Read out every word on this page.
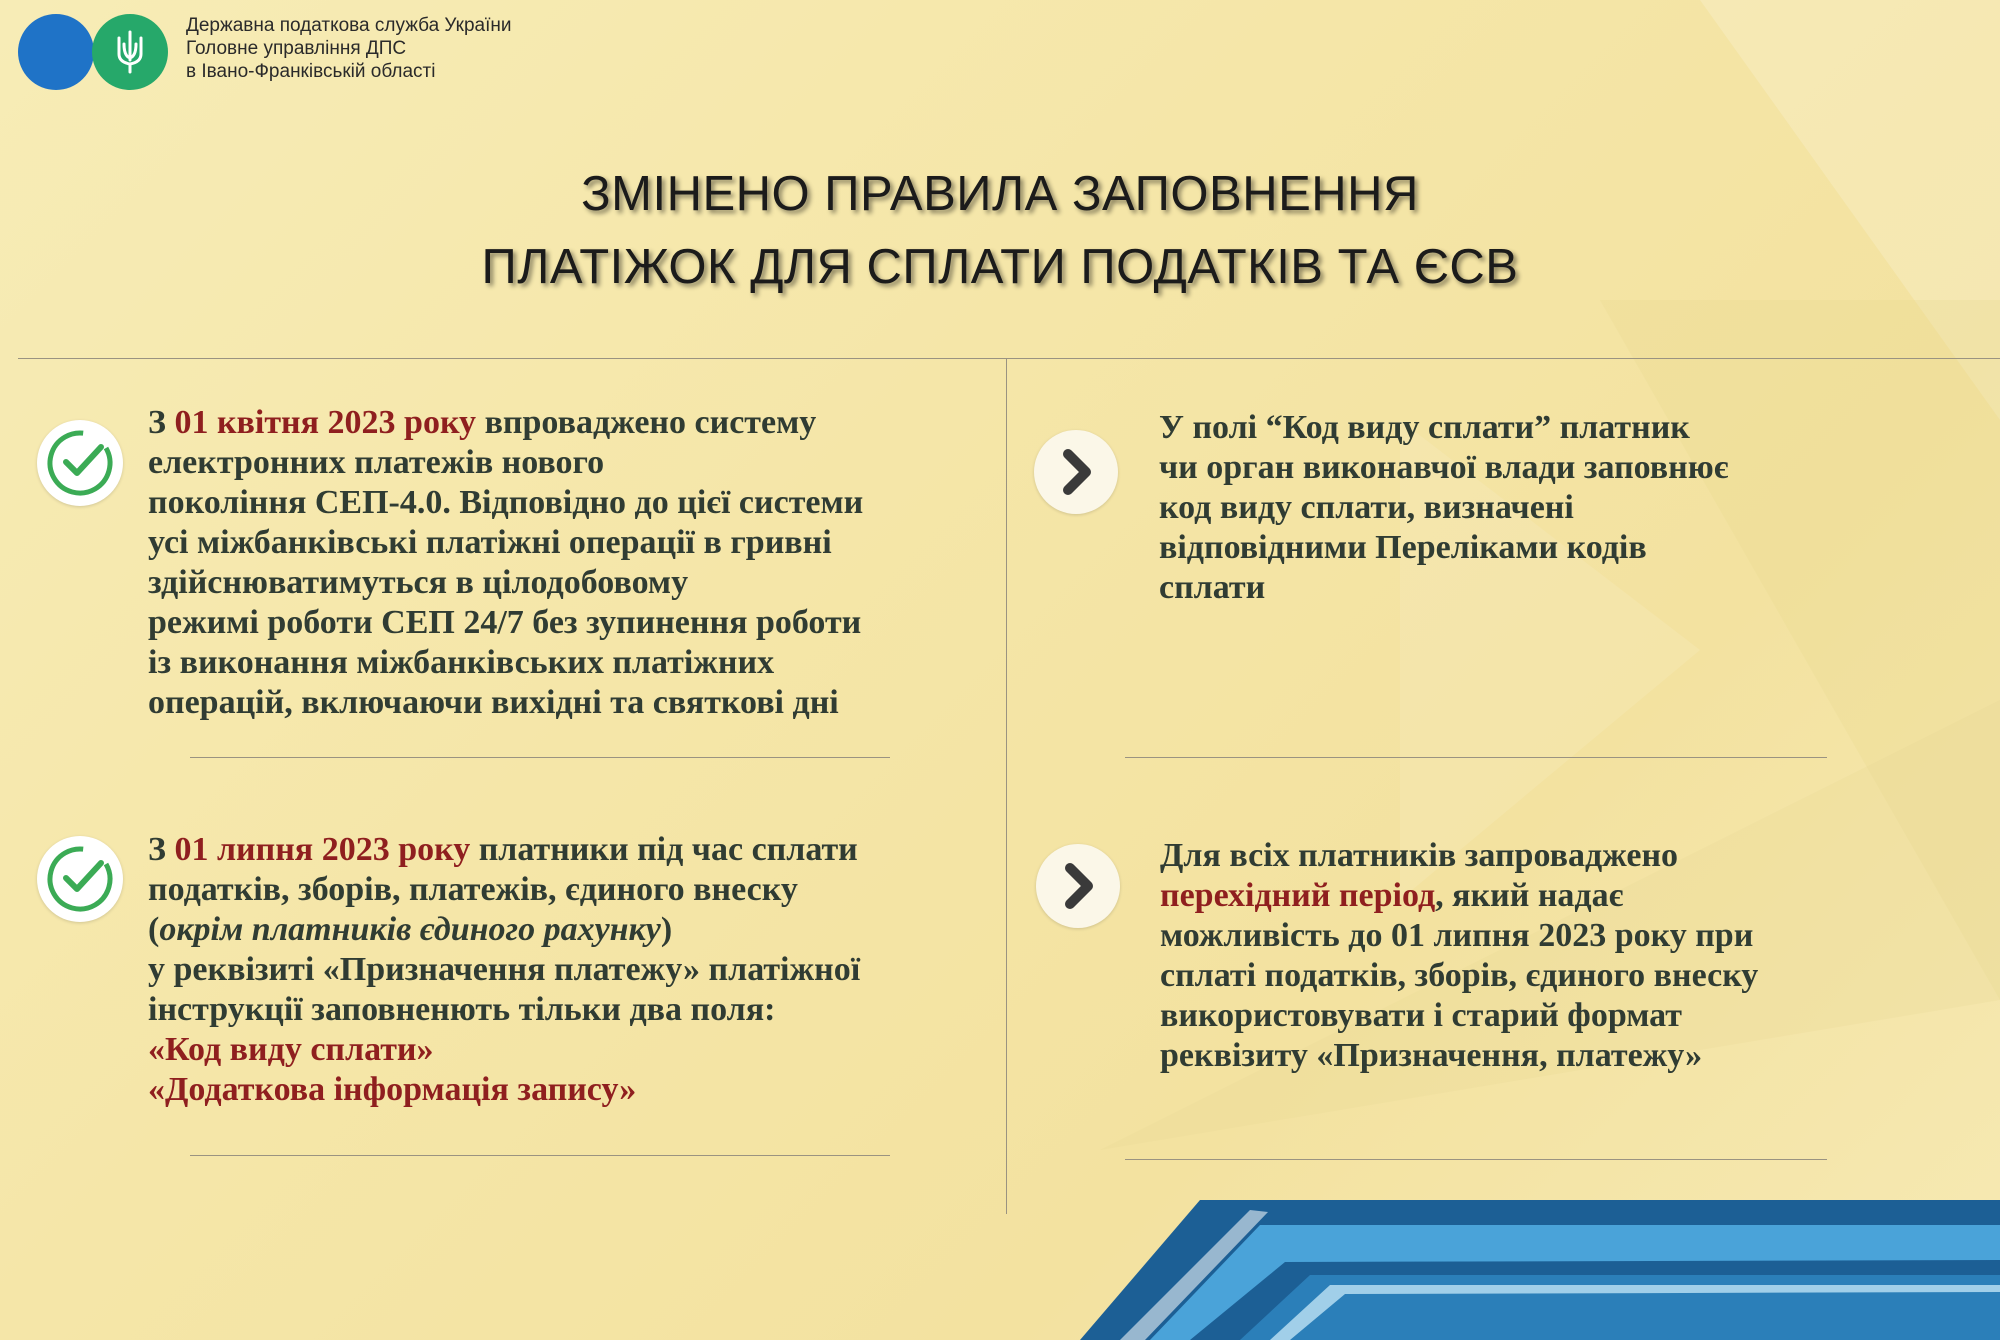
Державна податкова служба України
Головне управління ДПС
в Івано-Франківській області
ЗМІНЕНО ПРАВИЛА ЗАПОВНЕННЯ
ПЛАТІЖОК ДЛЯ СПЛАТИ ПОДАТКІВ ТА ЄСВ
З 01 квітня 2023 року впроваджено систему
електронних платежів нового
покоління СЕП-4.0. Відповідно до цієї системи
усі міжбанківські платіжні операції в гривні
здійснюватимуться в цілодобовому
режимі роботи СЕП 24/7 без зупинення роботи
із виконання міжбанківських платіжних
операцій, включаючи вихідні та святкові дні
З 01 липня 2023 року платники під час сплати
податків, зборів, платежів, єдиного внеску
(окрім платників єдиного рахунку)
у реквізиті «Призначення платежу» платіжної
інструкції заповненють тільки два поля:
«Код виду сплати»
«Додаткова інформація запису»
У полі “Код виду сплати” платник
чи орган виконавчої влади заповнює
код виду сплати, визначені
відповідними Переліками кодів
сплати
Для всіх платників запроваджено
перехідний період, який надає
можливість до 01 липня 2023 року при
сплаті податків, зборів, єдиного внеску
використовувати і старий формат
реквізиту «Призначення, платежу»
